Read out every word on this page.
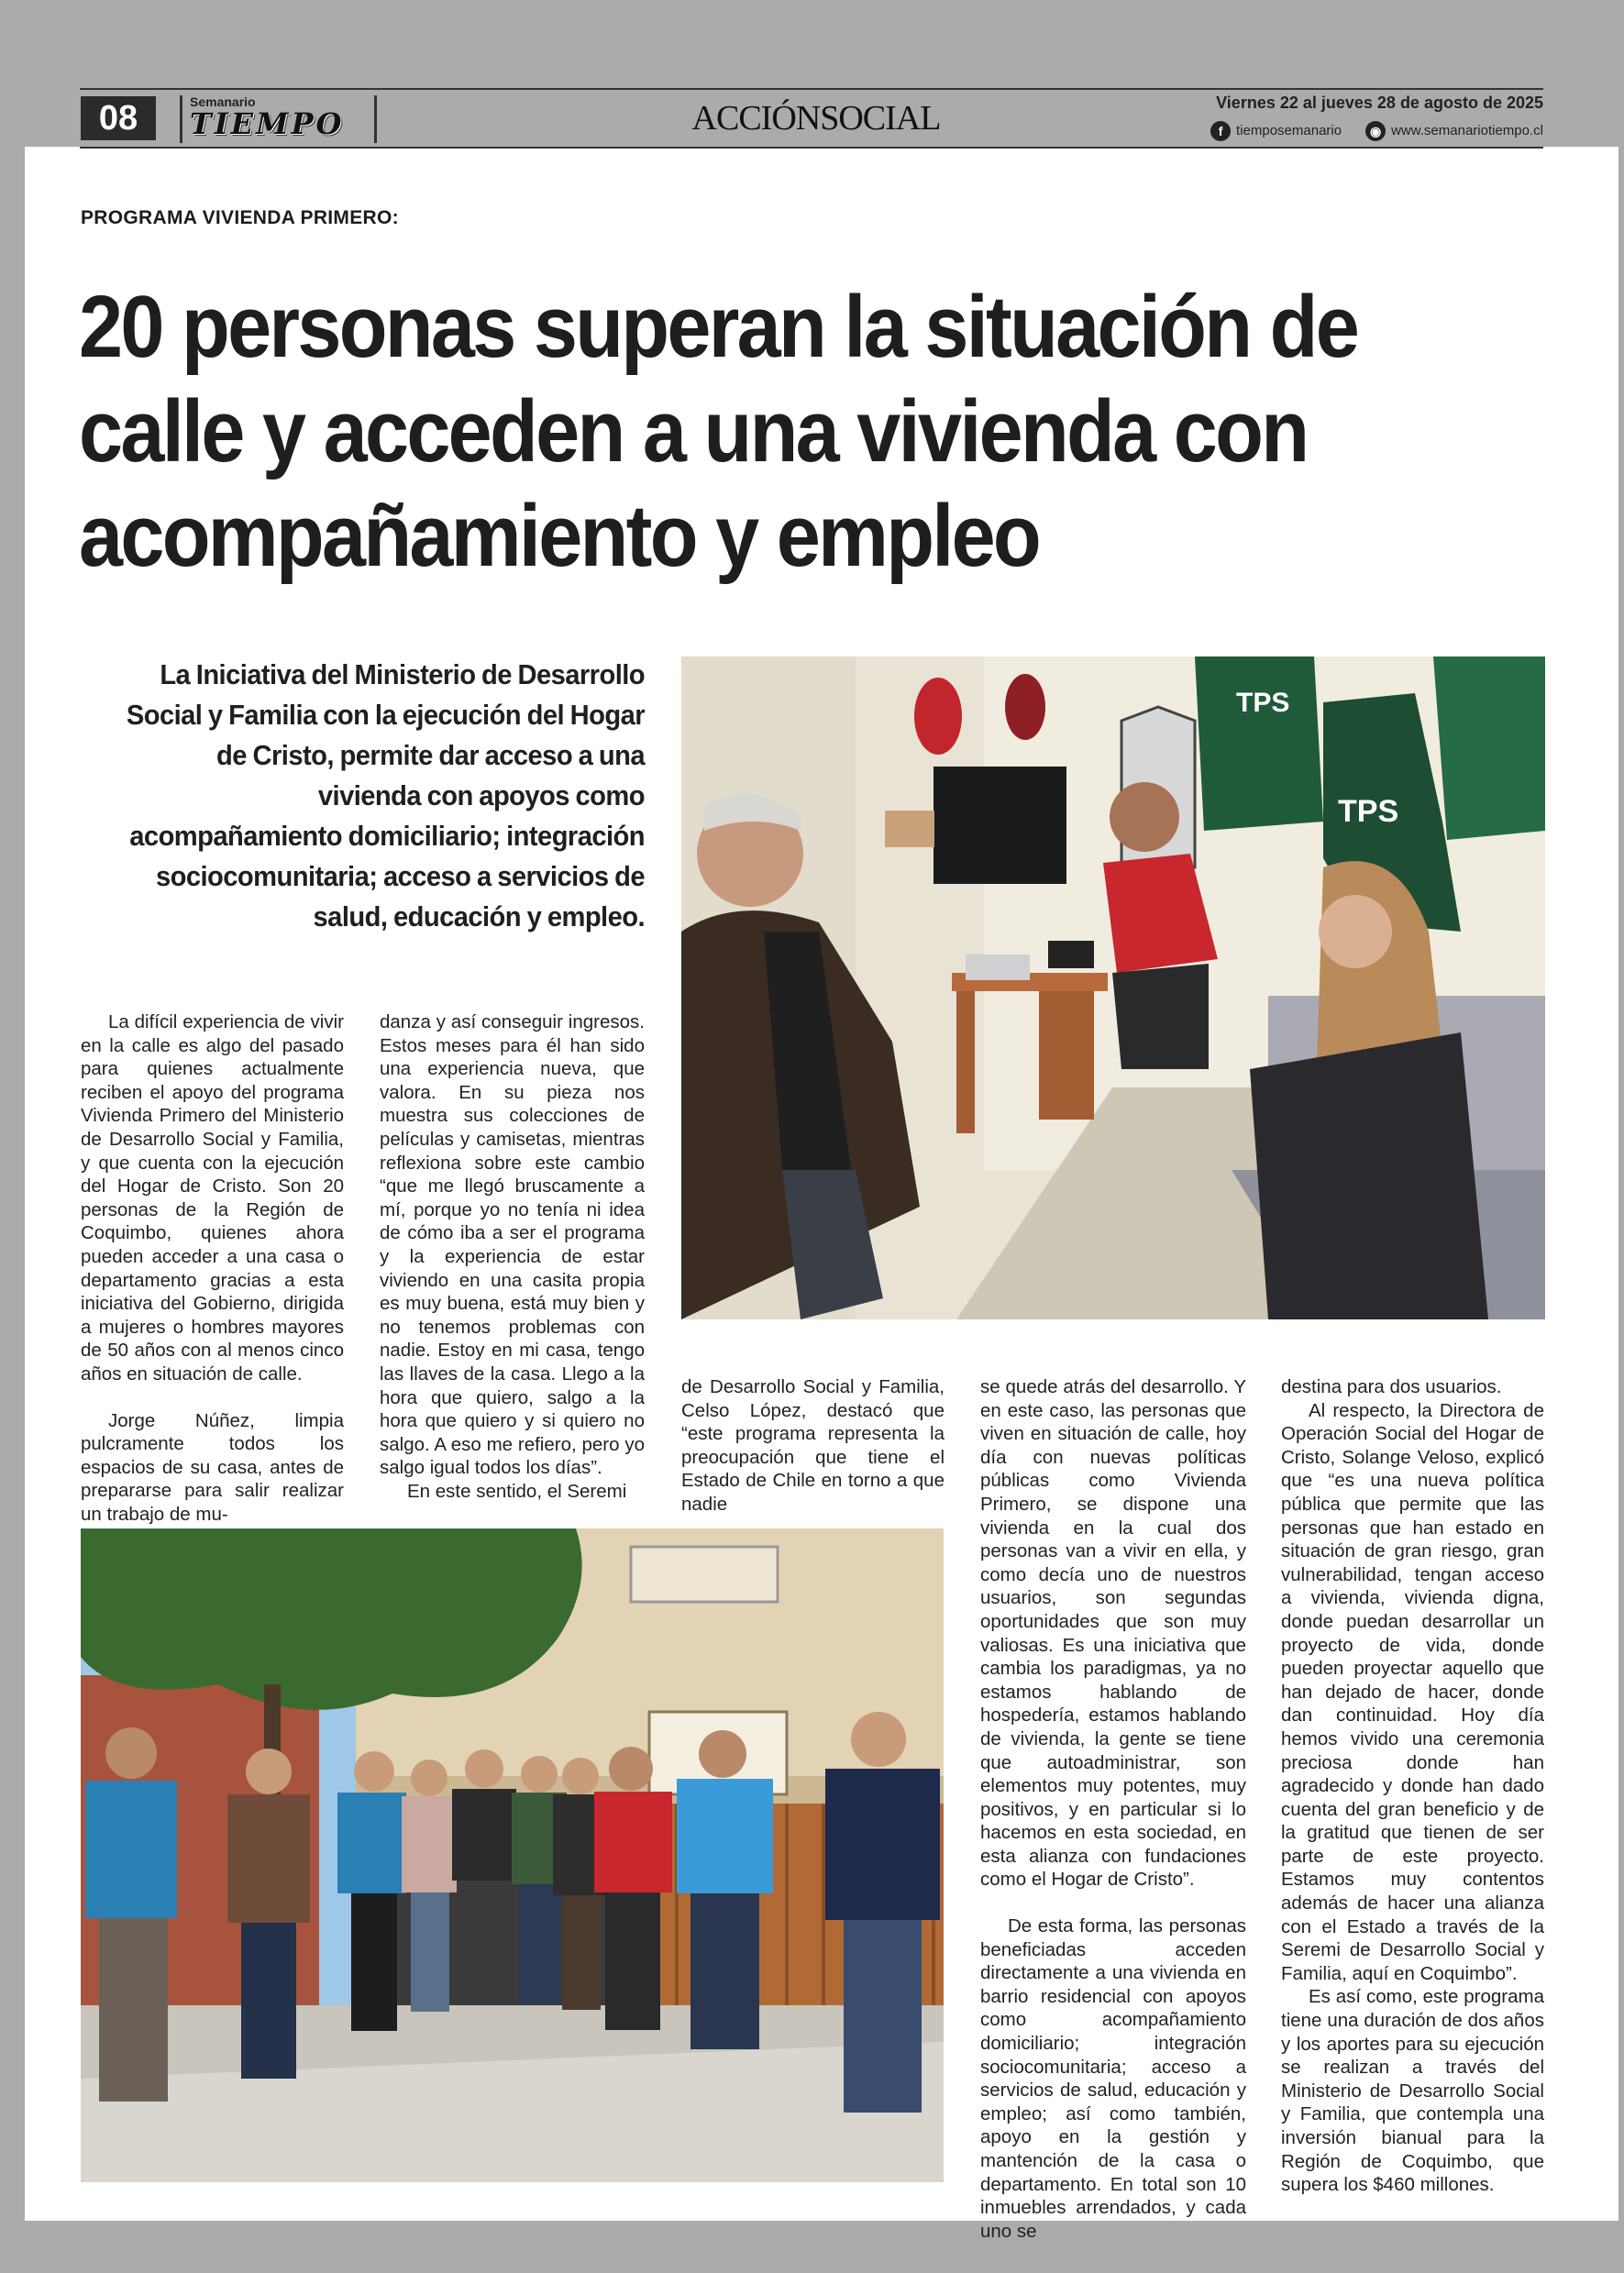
08	Semanario
TIEMPO	ACCIÓNSOCIAL	Viernes 22 al jueves 28 de agosto de 2025
f tiemposemanario ◉ www.semanariotiempo.cl
PROGRAMA VIVIENDA PRIMERO:
20 personas superan la situación de calle y acceden a una vivienda con acompañamiento y empleo
La Iniciativa del Ministerio de Desarrollo Social y Familia con la ejecución del Hogar de Cristo, permite dar acceso a una vivienda con apoyos como acompañamiento domiciliario; integración sociocomunitaria; acceso a servicios de salud, educación y empleo.
TPS
TPS

La difícil experiencia de vivir en la calle es algo del pasado para quienes actualmente reciben el apoyo del programa Vivienda Primero del Ministerio de Desarrollo Social y Familia, y que cuenta con la ejecución del Hogar de Cristo. Son 20 personas de la Región de Coquimbo, quienes ahora pueden acceder a una casa o departamento gracias a esta iniciativa del Gobierno, dirigida a mujeres o hombres mayores de 50 años con al menos cinco años en situación de calle.

Jorge Núñez, limpia pulcramente todos los espacios de su casa, antes de prepararse para salir realizar un trabajo de mu-

danza y así conseguir ingresos. Estos meses para él han sido una experiencia nueva, que valora. En su pieza nos muestra sus colecciones de películas y camisetas, mientras reflexiona sobre este cambio “que me llegó bruscamente a mí, porque yo no tenía ni idea de cómo iba a ser el programa y la experiencia de estar viviendo en una casita propia es muy buena, está muy bien y no tenemos problemas con nadie. Estoy en mi casa, tengo las llaves de la casa. Llego a la hora que quiero, salgo a la hora que quiero y si quiero no salgo. A eso me refiero, pero yo salgo igual todos los días”.

En este sentido, el Seremi

de Desarrollo Social y Familia, Celso López, destacó que “este programa representa la preocupación que tiene el Estado de Chile en torno a que nadie

se quede atrás del desarrollo. Y en este caso, las personas que viven en situación de calle, hoy día con nuevas políticas públicas como Vivienda Primero, se dispone una vivienda en la cual dos personas van a vivir en ella, y como decía uno de nuestros usuarios, son segundas oportunidades que son muy valiosas. Es una iniciativa que cambia los paradigmas, ya no estamos hablando de hospedería, estamos hablando de vivienda, la gente se tiene que autoadministrar, son elementos muy potentes, muy positivos, y en particular si lo hacemos en esta sociedad, en esta alianza con fundaciones como el Hogar de Cristo”.

De esta forma, las personas beneficiadas acceden directamente a una vivienda en barrio residencial con apoyos como acompañamiento domiciliario; integración sociocomunitaria; acceso a servicios de salud, educación y empleo; así como también, apoyo en la gestión y mantención de la casa o departamento. En total son 10 inmuebles arrendados, y cada uno se

destina para dos usuarios.

Al respecto, la Directora de Operación Social del Hogar de Cristo, Solange Veloso, explicó que “es una nueva política pública que permite que las personas que han estado en situación de gran riesgo, gran vulnerabilidad, tengan acceso a vivienda, vivienda digna, donde puedan desarrollar un proyecto de vida, donde pueden proyectar aquello que han dejado de hacer, donde dan continuidad. Hoy día hemos vivido una ceremonia preciosa donde han agradecido y donde han dado cuenta del gran beneficio y de la gratitud que tienen de ser parte de este proyecto. Estamos muy contentos además de hacer una alianza con el Estado a través de la Seremi de Desarrollo Social y Familia, aquí en Coquimbo”.

Es así como, este programa tiene una duración de dos años y los aportes para su ejecución se realizan a través del Ministerio de Desarrollo Social y Familia, que contempla una inversión bianual para la Región de Coquimbo, que supera los $460 millones.
